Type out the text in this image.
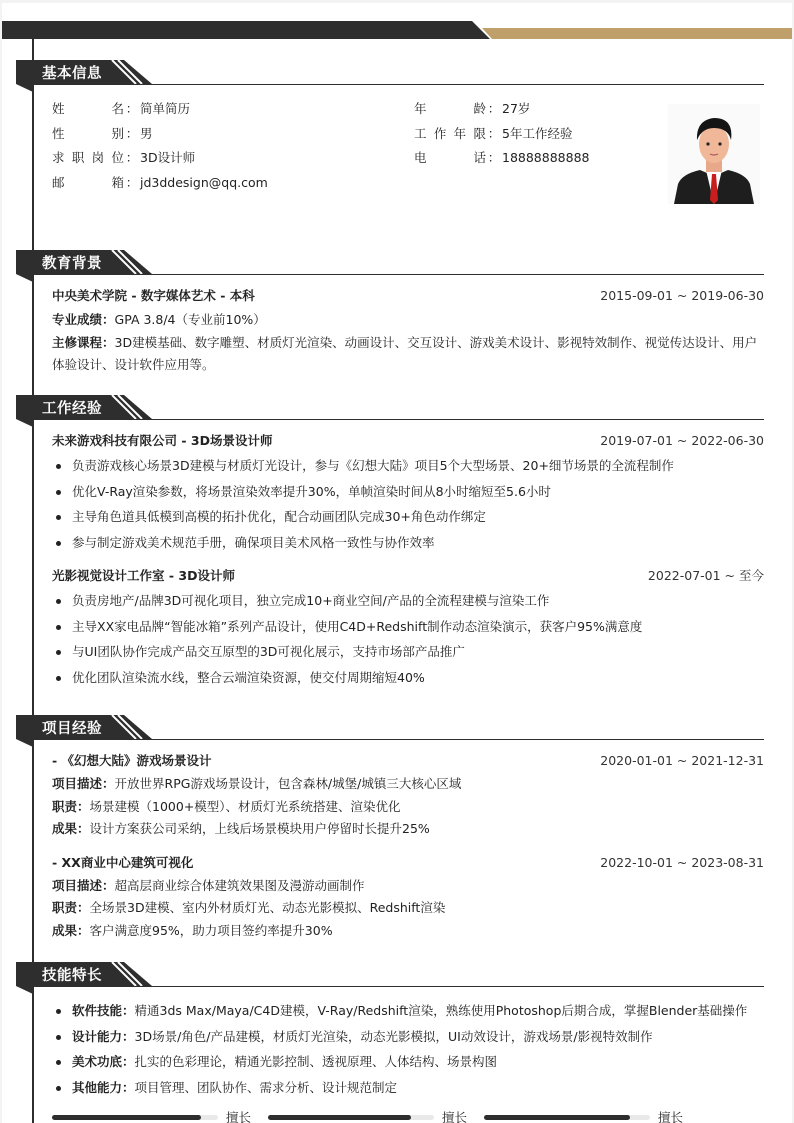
基本信息
姓	名 ： 简单简历
性	别 ： 男
求 职 岗 位 ： 3D设计师
邮	箱 ： jd3ddesign@qq.com
年	龄 ： 27岁
工 作 年 限 ： 5年工作经验
电	话 ： 18888888888
教育背景
中央美术学院 - 数字媒体艺术 - 本科	2015-09-01 ~ 2019-06-30
专业成绩：GPA 3.8/4（专业前10%）
主修课程：3D建模基础、数字雕塑、材质灯光渲染、动画设计、交互设计、游戏美术设计、影视特效制作、视觉传达设计、用户体验设计、设计软件应用等。
工作经验
未来游戏科技有限公司 - 3D场景设计师	2019-07-01 ~ 2022-06-30
负责游戏核心场景3D建模与材质灯光设计，参与《幻想大陆》项目5个大型场景、20+细节场景的全流程制作
优化V-Ray渲染参数，将场景渲染效率提升30%，单帧渲染时间从8小时缩短至5.6小时
主导角色道具低模到高模的拓扑优化，配合动画团队完成30+角色动作绑定
参与制定游戏美术规范手册，确保项目美术风格一致性与协作效率
光影视觉设计工作室 - 3D设计师	2022-07-01 ~ 至今
负责房地产/品牌3D可视化项目，独立完成10+商业空间/产品的全流程建模与渲染工作
主导XX家电品牌“智能冰箱”系列产品设计，使用C4D+Redshift制作动态渲染演示，获客户95%满意度
与UI团队协作完成产品交互原型的3D可视化展示，支持市场部产品推广
优化团队渲染流水线，整合云端渲染资源，使交付周期缩短40%
项目经验
- 《幻想大陆》游戏场景设计	2020-01-01 ~ 2021-12-31
项目描述：开放世界RPG游戏场景设计，包含森林/城堡/城镇三大核心区域
职责：场景建模（1000+模型）、材质灯光系统搭建、渲染优化
成果：设计方案获公司采纳，上线后场景模块用户停留时长提升25%
- XX商业中心建筑可视化	2022-10-01 ~ 2023-08-31
项目描述：超高层商业综合体建筑效果图及漫游动画制作
职责：全场景3D建模、室内外材质灯光、动态光影模拟、Redshift渲染
成果：客户满意度95%，助力项目签约率提升30%
技能特长
软件技能：精通3ds Max/Maya/C4D建模，V-Ray/Redshift渲染，熟练使用Photoshop后期合成，掌握Blender基础操作
设计能力：3D场景/角色/产品建模，材质灯光渲染，动态光影模拟，UI动效设计，游戏场景/影视特效制作
美术功底：扎实的色彩理论，精通光影控制、透视原理、人体结构、场景构图
其他能力：项目管理、团队协作、需求分析、设计规范制定
擅长	擅长	擅长
